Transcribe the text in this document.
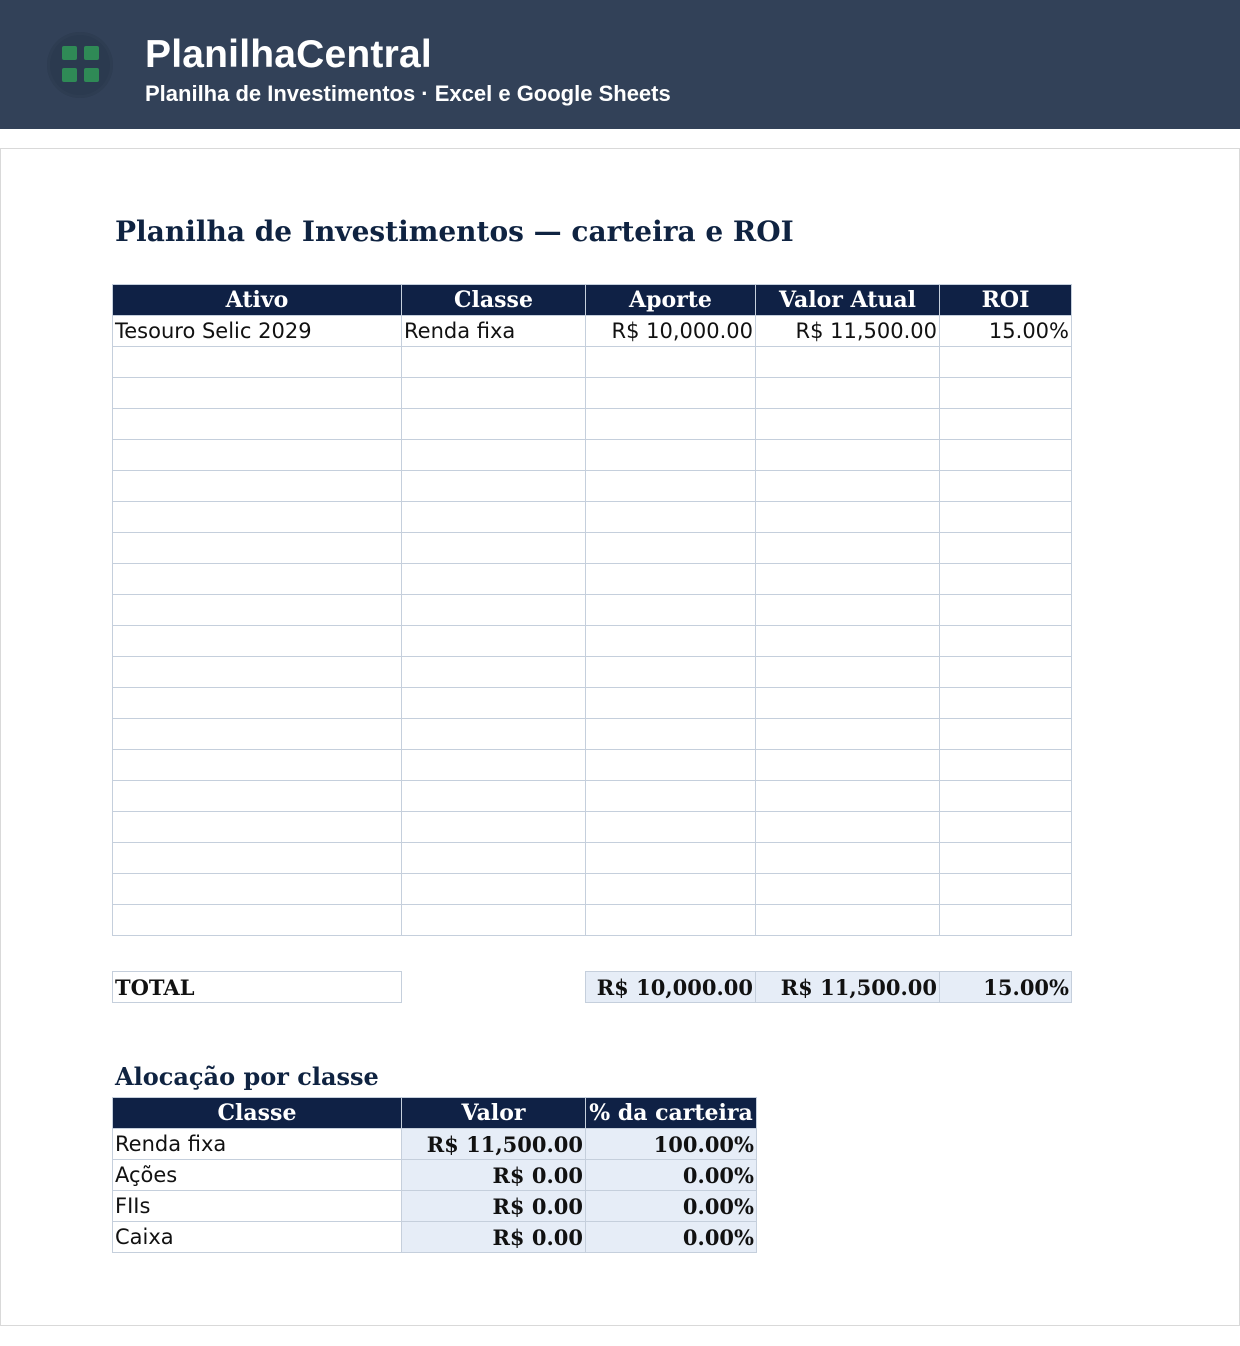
PlanilhaCentral
Planilha de Investimentos · Excel e Google Sheets
Planilha de Investimentos — carteira e ROI
Ativo	Classe	Aporte	Valor Atual	ROI
Tesouro Selic 2029	Renda fixa	R$ 10,000.00	R$ 11,500.00	15.00%

TOTAL		R$ 10,000.00	R$ 11,500.00	15.00%
Alocação por classe
Classe	Valor	% da carteira
Renda fixa	R$ 11,500.00	100.00%
Ações	R$ 0.00	0.00%
FIIs	R$ 0.00	0.00%
Caixa	R$ 0.00	0.00%
